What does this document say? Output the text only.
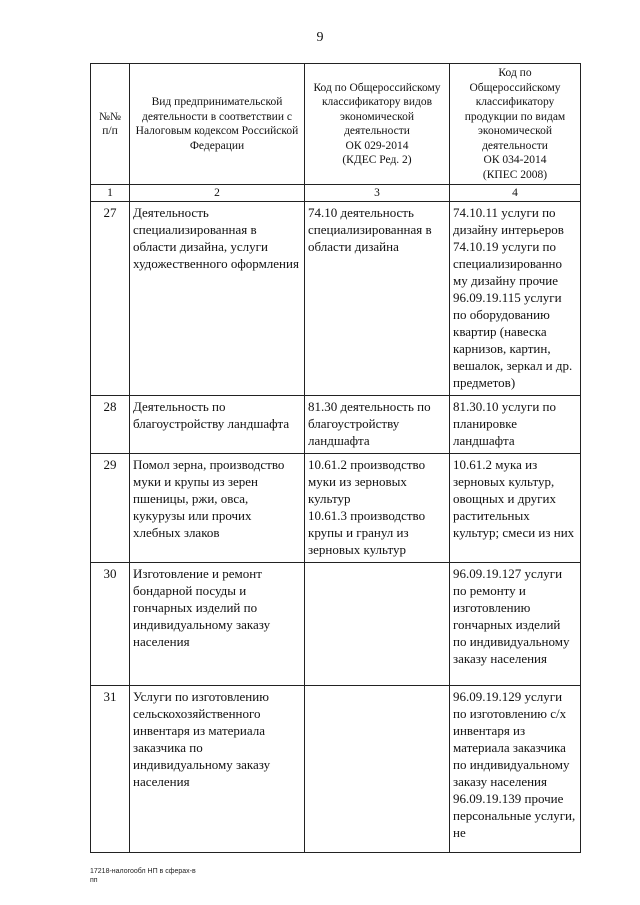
9
№№
п/п	Вид предпринимательской деятельности в соответствии с Налоговым кодексом Российской Федерации	Код по Общероссийскому классификатору видов экономической деятельности
ОК 029-2014
(КДЕС Ред. 2)	Код по Общероссийскому классификатору продукции по видам экономической деятельности
ОК 034-2014
(КПЕС 2008)
1	2	3	4
27	Деятельность специализированная в области дизайна, услуги художественного оформления	74.10 деятельность специализированная в области дизайна	74.10.11 услуги по дизайну интерьеров
74.10.19 услуги по специализированно му дизайну прочие
96.09.19.115 услуги по оборудованию квартир (навеска карнизов, картин, вешалок, зеркал и др. предметов)
28	Деятельность по благоустройству ландшафта	81.30 деятельность по благоустройству ландшафта	81.30.10 услуги по планировке ландшафта
29	Помол зерна, производство муки и крупы из зерен пшеницы, ржи, овса, кукурузы или прочих хлебных злаков	10.61.2 производство муки из зерновых культур
10.61.3 производство крупы и гранул из зерновых культур	10.61.2 мука из зерновых культур, овощных и других растительных культур; смеси из них
30	Изготовление и ремонт бондарной посуды и гончарных изделий по индивидуальному заказу населения		96.09.19.127 услуги по ремонту и изготовлению гончарных изделий по индивидуальному заказу населения
31	Услуги по изготовлению сельскохозяйственного инвентаря из материала заказчика по индивидуальному заказу населения		96.09.19.129 услуги по изготовлению с/х инвентаря из материала заказчика по индивидуальному заказу населения
96.09.19.139 прочие персональные услуги, не
17218-налогообл НП в сферах-в
пп
